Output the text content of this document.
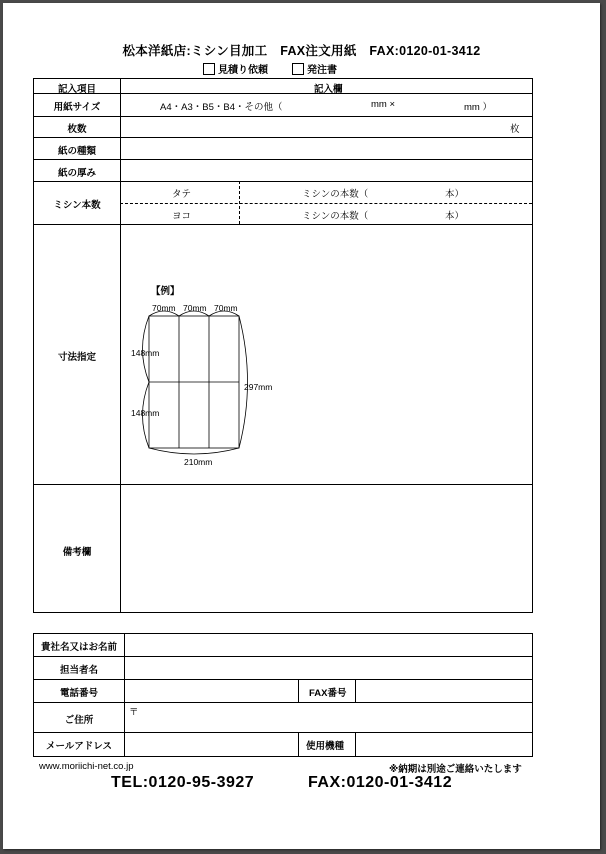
松本洋紙店:ミシン目加工　FAX注文用紙　FAX:0120-01-3412
見積り依頼	発注書
記入項目	記入欄
用紙サイズ	A4・A3・B5・B4・その他（	mm ×	mm ）
枚数	枚
紙の種類
紙の厚み
ミシン本数
タテ	ミシンの本数（	本）
ヨコ	ミシンの本数（	本）
寸法指定
【例】
70mm 70mm 70mm
148mm
148mm
297mm
210mm
備考欄
貴社名又はお名前
担当者名
電話番号	FAX番号
ご住所
〒
メールアドレス	使用機種
www.moriichi-net.co.jp	※納期は別途ご連絡いたします
TEL:0120-95-3927	FAX:0120-01-3412
